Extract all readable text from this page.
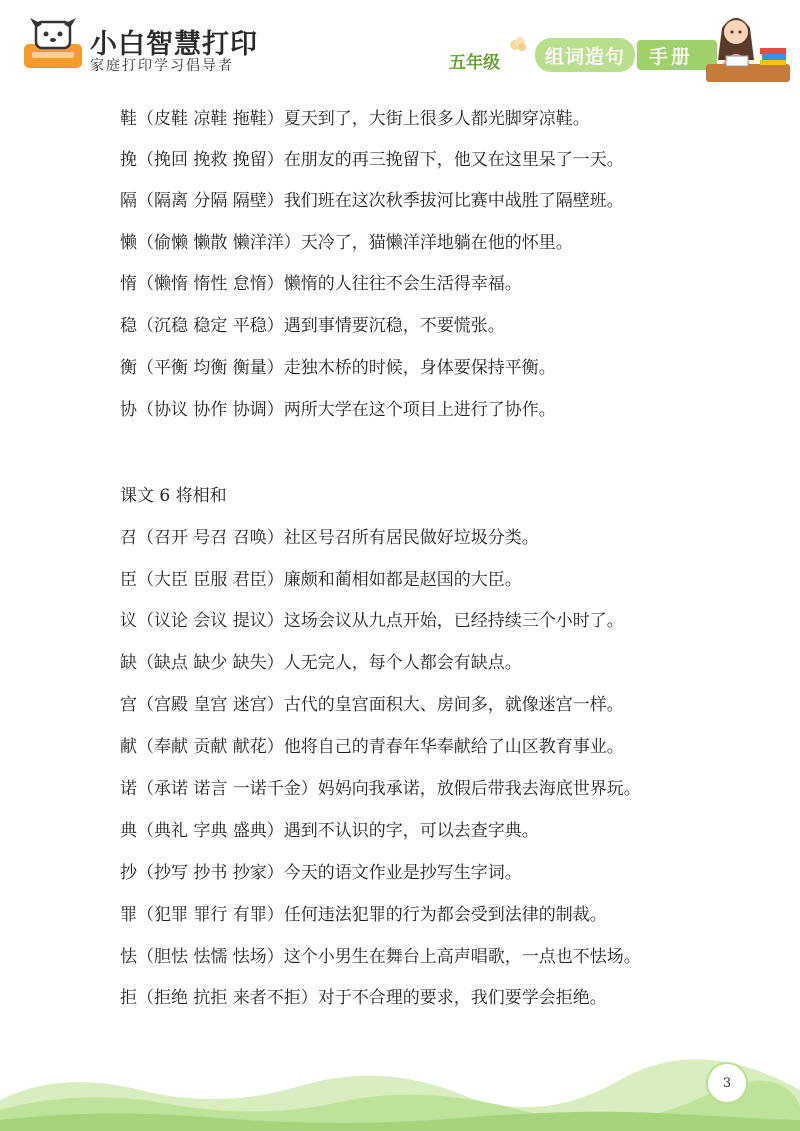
小白智慧打印
家庭打印学习倡导者	五年级	手册
组词造句
鞋（皮鞋 凉鞋 拖鞋）夏天到了，大街上很多人都光脚穿凉鞋。
挽（挽回 挽救 挽留）在朋友的再三挽留下，他又在这里呆了一天。
隔（隔离 分隔 隔壁）我们班在这次秋季拔河比赛中战胜了隔壁班。
懒（偷懒 懒散 懒洋洋）天冷了，猫懒洋洋地躺在他的怀里。
惰（懒惰 惰性 怠惰）懒惰的人往往不会生活得幸福。
稳（沉稳 稳定 平稳）遇到事情要沉稳，不要慌张。
衡（平衡 均衡 衡量）走独木桥的时候，身体要保持平衡。
协（协议 协作 协调）两所大学在这个项目上进行了协作。
课文 6 将相和
召（召开 号召 召唤）社区号召所有居民做好垃圾分类。
臣（大臣 臣服 君臣）廉颇和蔺相如都是赵国的大臣。
议（议论 会议 提议）这场会议从九点开始，已经持续三个小时了。
缺（缺点 缺少 缺失）人无完人，每个人都会有缺点。
宫（宫殿 皇宫 迷宫）古代的皇宫面积大、房间多，就像迷宫一样。
献（奉献 贡献 献花）他将自己的青春年华奉献给了山区教育事业。
诺（承诺 诺言 一诺千金）妈妈向我承诺，放假后带我去海底世界玩。
典（典礼 字典 盛典）遇到不认识的字，可以去查字典。
抄（抄写 抄书 抄家）今天的语文作业是抄写生字词。
罪（犯罪 罪行 有罪）任何违法犯罪的行为都会受到法律的制裁。
怯（胆怯 怯懦 怯场）这个小男生在舞台上高声唱歌，一点也不怯场。
拒（拒绝 抗拒 来者不拒）对于不合理的要求，我们要学会拒绝。
3
